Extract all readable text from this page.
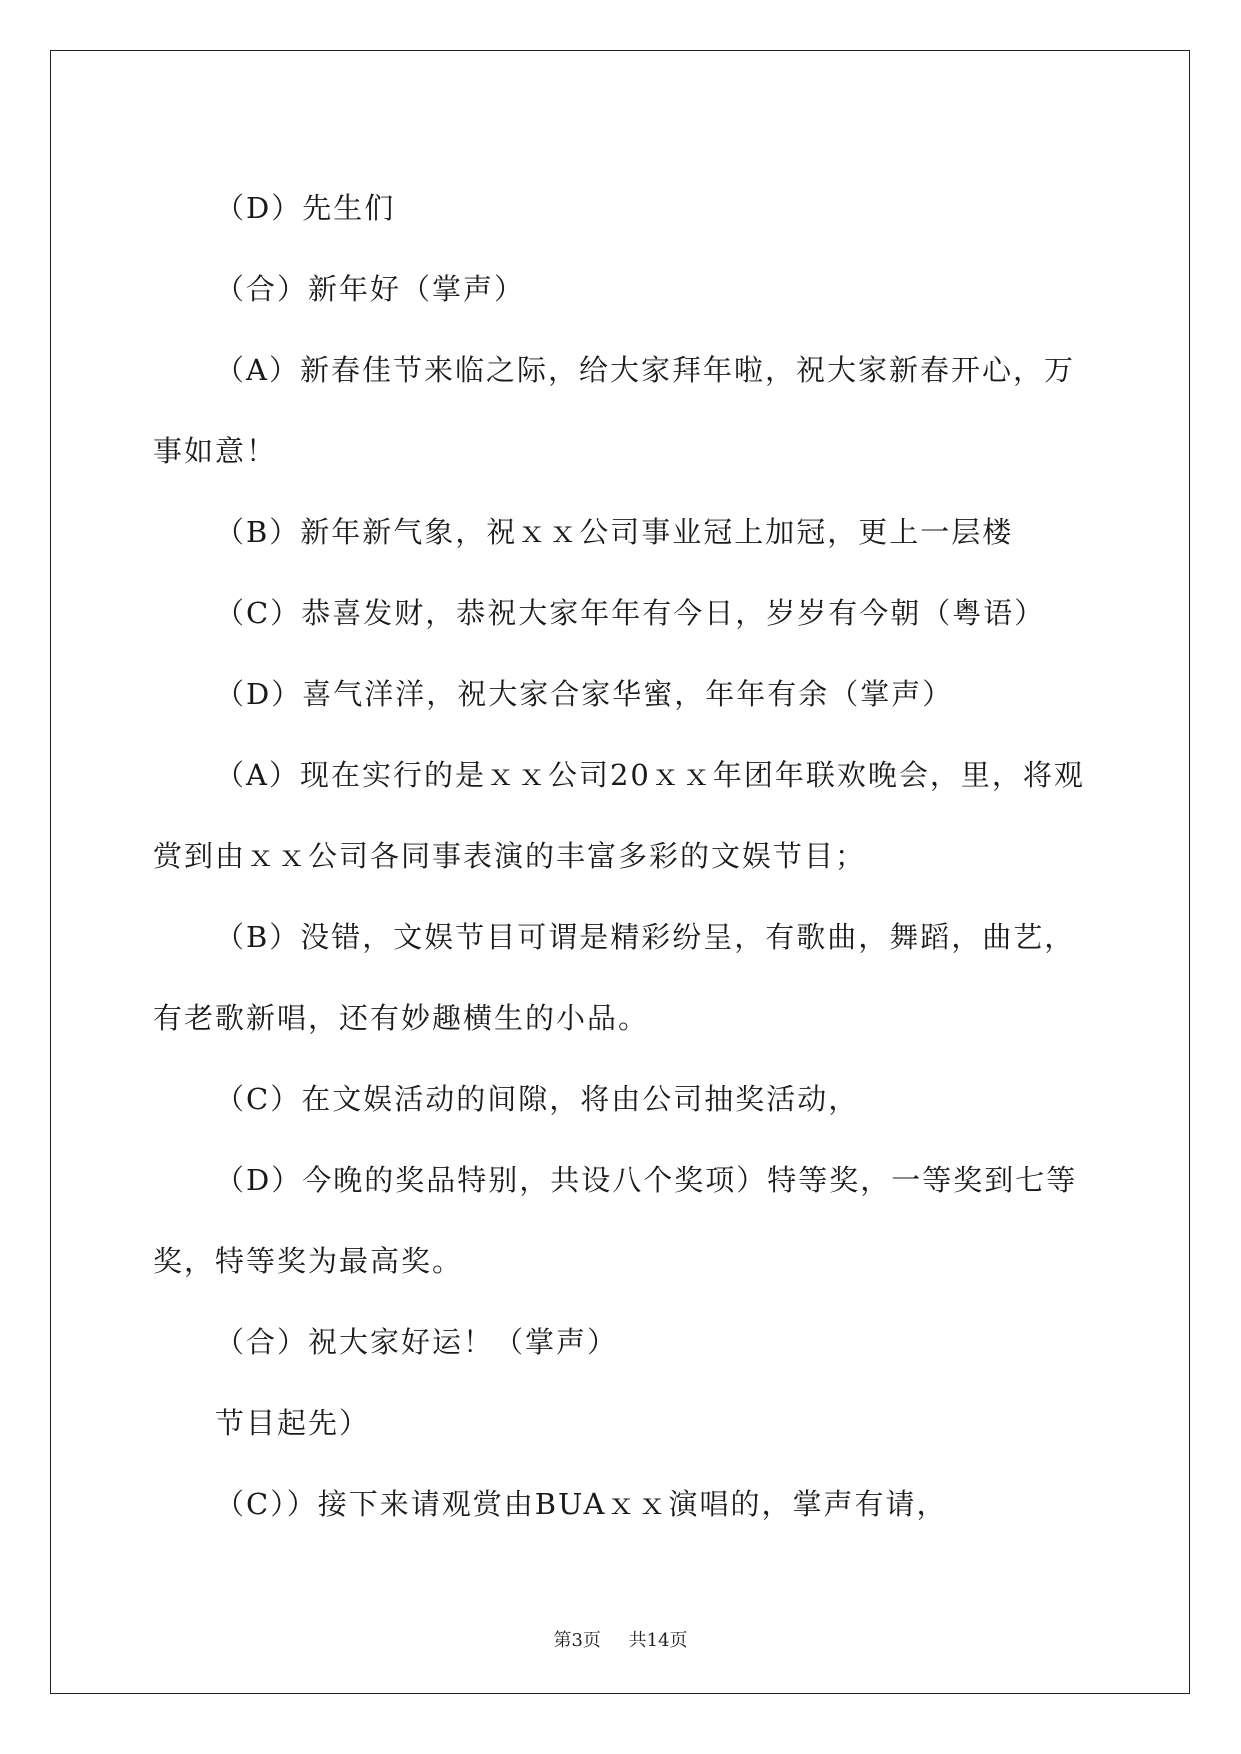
（D）先生们

（合）新年好（掌声）

（A）新春佳节来临之际，给大家拜年啦，祝大家新春开心，万事如意！

（B）新年新气象，祝ｘｘ公司事业冠上加冠，更上一层楼

（C）恭喜发财，恭祝大家年年有今日，岁岁有今朝（粤语）

（D）喜气洋洋，祝大家合家华蜜，年年有余（掌声）

（A）现在实行的是ｘｘ公司20ｘｘ年团年联欢晚会，里，将观赏到由ｘｘ公司各同事表演的丰富多彩的文娱节目；

（B）没错，文娱节目可谓是精彩纷呈，有歌曲，舞蹈，曲艺，有老歌新唱，还有妙趣横生的小品。

（C）在文娱活动的间隙，将由公司抽奖活动，

（D）今晚的奖品特别，共设八个奖项）特等奖，一等奖到七等奖，特等奖为最高奖。

（合）祝大家好运！（掌声）

节目起先）

（C））接下来请观赏由BUAｘｘ演唱的，掌声有请，

第3页 共14页
